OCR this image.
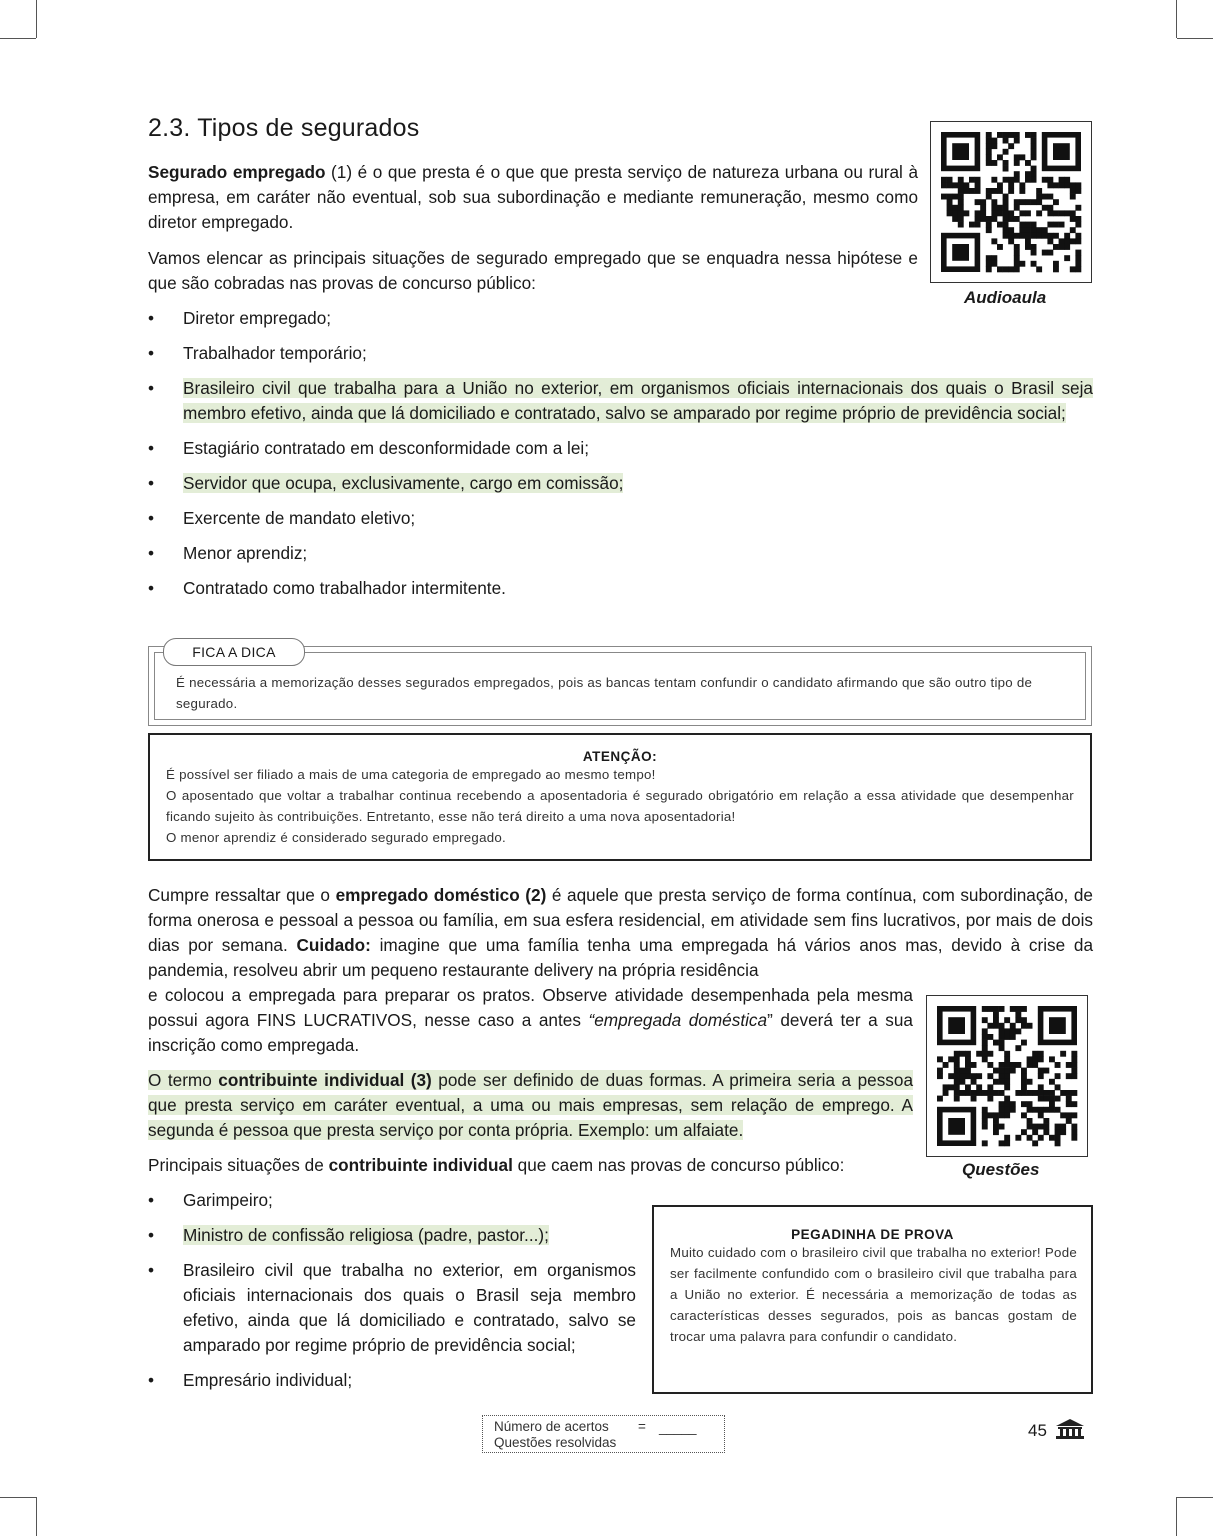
2.3. Tipos de segurados

Segurado empregado (1) é o que presta é o que que presta serviço de natureza urbana ou rural à empresa, em caráter não eventual, sob sua subordinação e mediante remuneração, mesmo como diretor empregado.

Vamos elencar as principais situações de segurado empregado que se enquadra nessa hipótese e que são cobradas nas provas de concurso público:

Audioaula
• Diretor empregado;
• Trabalhador temporário;
• Brasileiro civil que trabalha para a União no exterior, em organismos oficiais internacionais dos quais o Brasil seja membro efetivo, ainda que lá domiciliado e contratado, salvo se amparado por regime próprio de previdência social;
• Estagiário contratado em desconformidade com a lei;
• Servidor que ocupa, exclusivamente, cargo em comissão;
• Exercente de mandato eletivo;
• Menor aprendiz;
• Contratado como trabalhador intermitente.
FICA A DICA
É necessária a memorização desses segurados empregados, pois as bancas tentam confundir o candidato afirmando que são outro tipo de segurado.
ATENÇÃO:
É possível ser filiado a mais de uma categoria de empregado ao mesmo tempo!
O aposentado que voltar a trabalhar continua recebendo a aposentadoria é segurado obrigatório em relação a essa atividade que desempenhar ficando sujeito às contribuições. Entretanto, esse não terá direito a uma nova aposentadoria!
O menor aprendiz é considerado segurado empregado.

Cumpre ressaltar que o empregado doméstico (2) é aquele que presta serviço de forma contínua, com subordinação, de forma onerosa e pessoal a pessoa ou família, em sua esfera residencial, em atividade sem fins lucrativos, por mais de dois dias por semana. Cuidado: imagine que uma família tenha uma empregada há vários anos mas, devido à crise da pandemia, resolveu abrir um pequeno restaurante delivery na própria residência

e colocou a empregada para preparar os pratos. Observe atividade desempenhada pela mesma possui agora FINS LUCRATIVOS, nesse caso a antes “empregada doméstica” deverá ter a sua inscrição como empregada.

Questões

O termo contribuinte individual (3) pode ser definido de duas formas. A primeira seria a pessoa que presta serviço em caráter eventual, a uma ou mais empresas, sem relação de emprego. A segunda é pessoa que presta serviço por conta própria. Exemplo: um alfaiate.

Principais situações de contribuinte individual que caem nas provas de concurso público:

• Garimpeiro;
• Ministro de confissão religiosa (padre, pastor...);
• Brasileiro civil que trabalha no exterior, em organismos oficiais internacionais dos quais o Brasil seja membro efetivo, ainda que lá domiciliado e contratado, salvo se amparado por regime próprio de previdência social;
• Empresário individual;
PEGADINHA DE PROVA
Muito cuidado com o brasileiro civil que trabalha no exterior! Pode ser facilmente confundido com o brasileiro civil que trabalha para a União no exterior. É necessária a memorização de todas as características desses segurados, pois as bancas gostam de trocar uma palavra para confundir o candidato.
Número de acertos
Questões resolvidas
= _____	45
